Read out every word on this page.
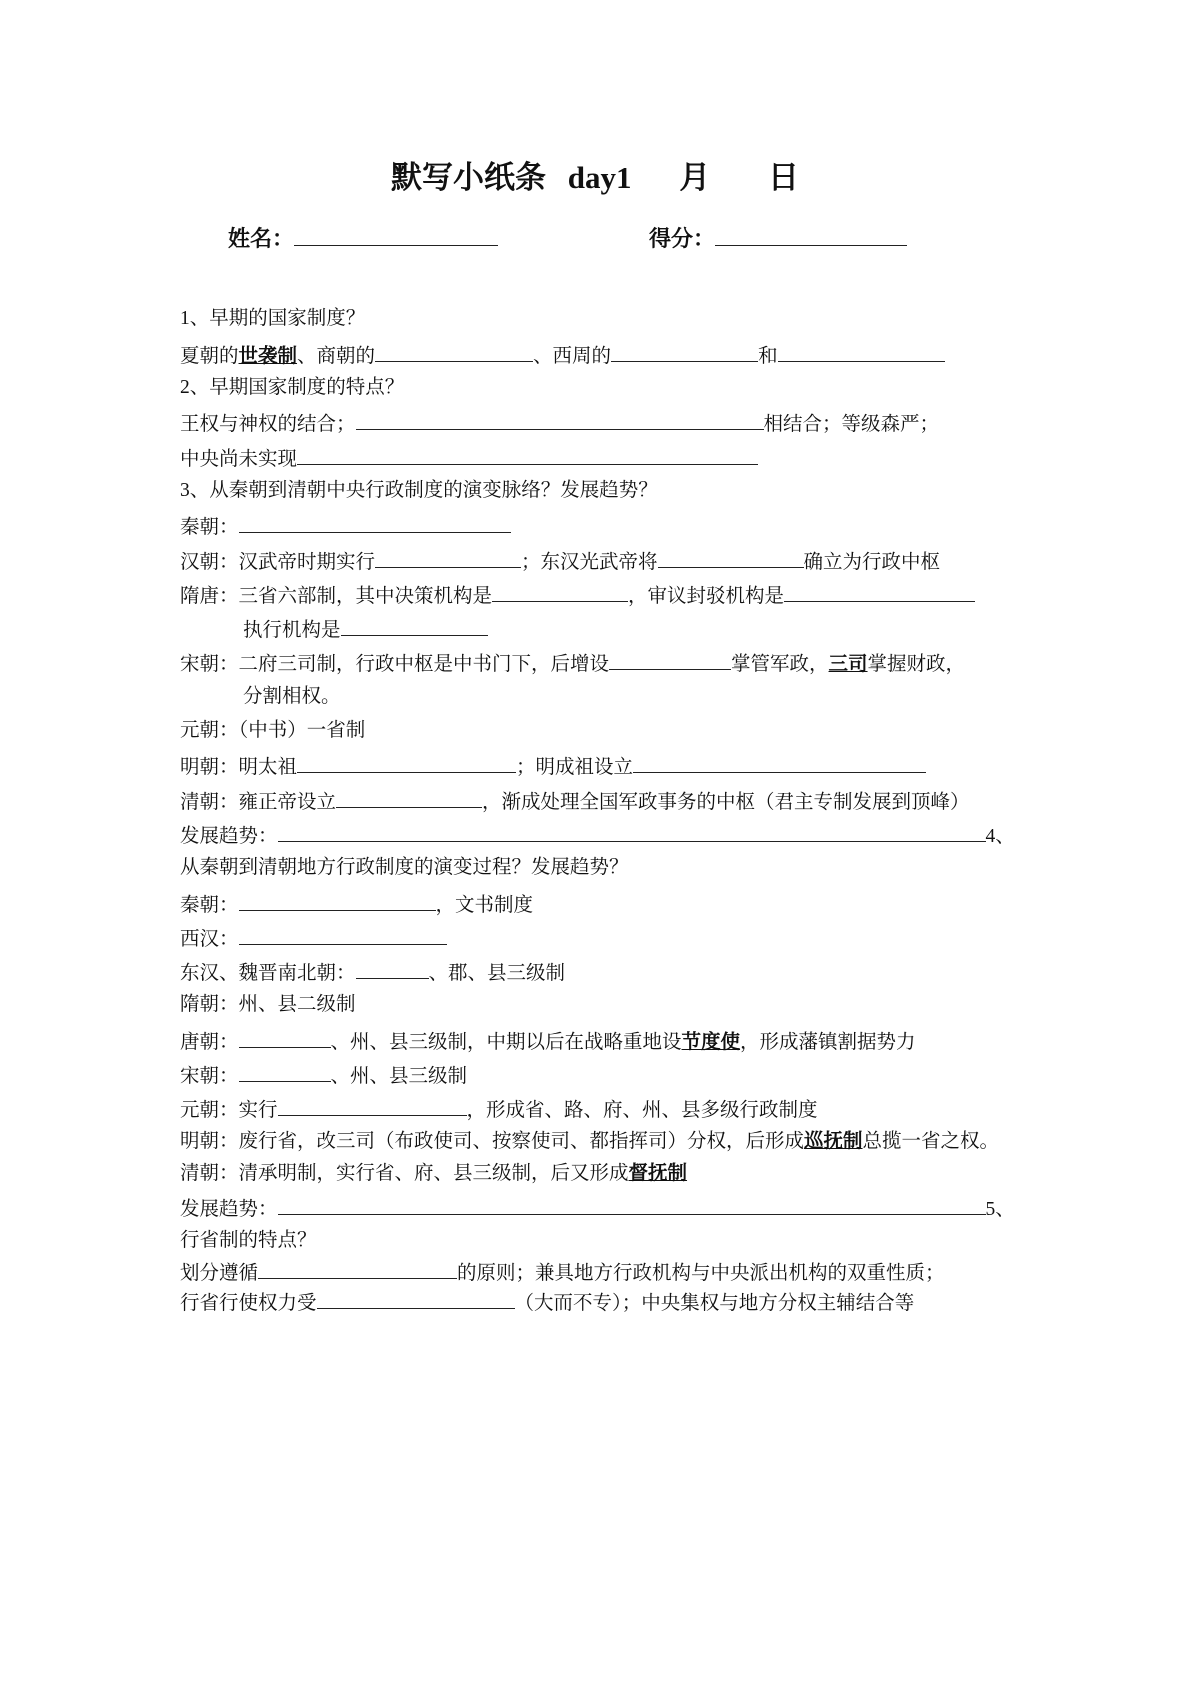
默写小纸条 day1 月 日
姓名：	得分：
1、早期的国家制度？
夏朝的世袭制、商朝的	、西周的	和
2、早期国家制度的特点？
王权与神权的结合；	相结合；等级森严；
中央尚未实现
3、从秦朝到清朝中央行政制度的演变脉络？发展趋势？
秦朝：
汉朝：汉武帝时期实行	；东汉光武帝将	确立为行政中枢
隋唐：三省六部制，其中决策机构是	，审议封驳机构是
执行机构是
宋朝：二府三司制，行政中枢是中书门下，后增设	掌管军政，三司掌握财政，
分割相权。
元朝：（中书）一省制
明朝：明太祖	；明成祖设立
清朝：雍正帝设立	，渐成处理全国军政事务的中枢（君主专制发展到顶峰）
发展趋势：	4、
从秦朝到清朝地方行政制度的演变过程？发展趋势？
秦朝：	，文书制度
西汉：
东汉、魏晋南北朝：	、郡、县三级制
隋朝：州、县二级制
唐朝：	、州、县三级制，中期以后在战略重地设节度使，形成藩镇割据势力
宋朝：	、州、县三级制
元朝：实行	，形成省、路、府、州、县多级行政制度
明朝：废行省，改三司（布政使司、按察使司、都指挥司）分权，后形成巡抚制总揽一省之权。
清朝：清承明制，实行省、府、县三级制，后又形成督抚制
发展趋势：	5、
行省制的特点？
划分遵循	的原则；兼具地方行政机构与中央派出机构的双重性质；
行省行使权力受	（大而不专）；中央集权与地方分权主辅结合等
